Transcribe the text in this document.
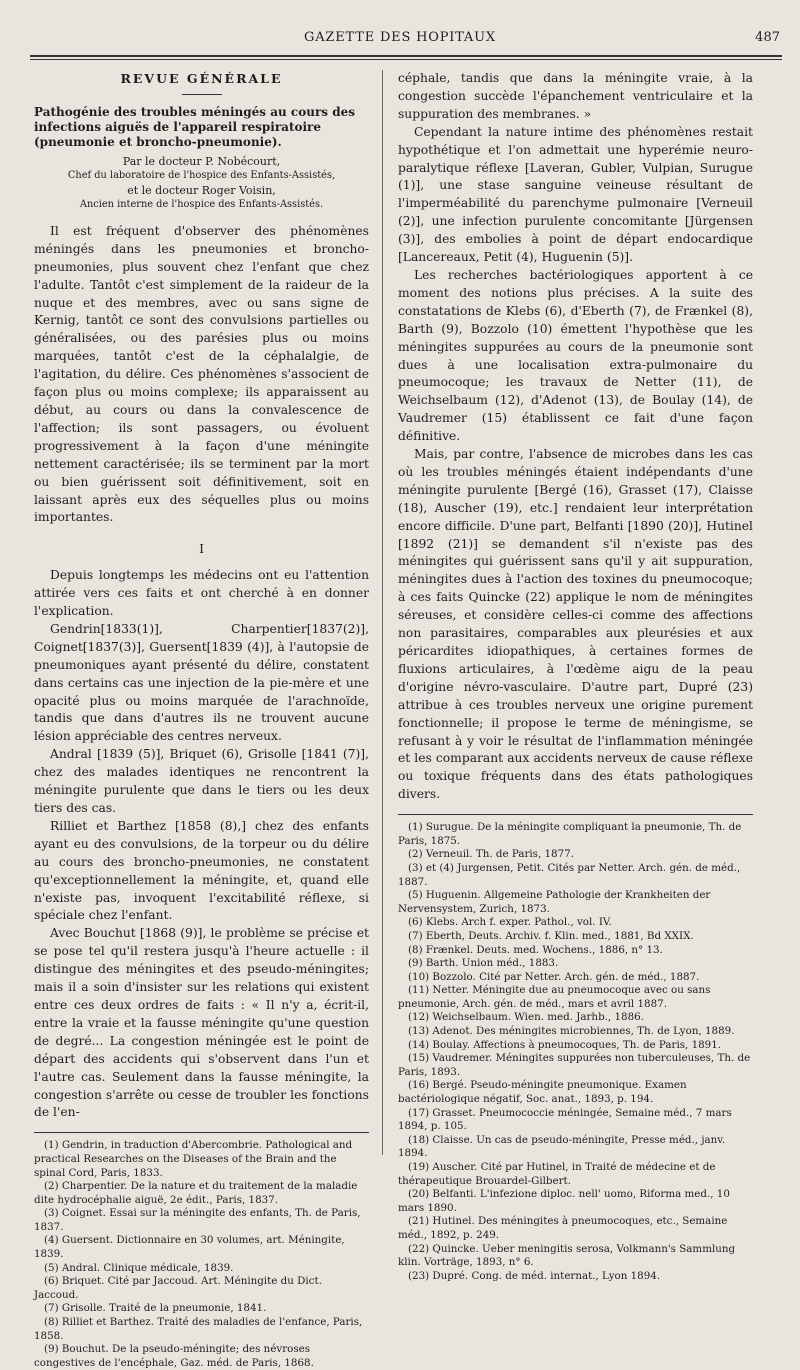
GAZETTE DES HOPITAUX	487
REVUE GÉNÉRALE
Pathogénie des troubles méningés au cours des infections aiguës de l'appareil respiratoire (pneumonie et broncho-pneumonie).
Par le docteur P. Nobécourt,
Chef du laboratoire de l'hospice des Enfants-Assistés,
et le docteur Roger Voisin,
Ancien interne de l'hospice des Enfants-Assistés.

Il est fréquent d'observer des phénomènes méningés dans les pneumonies et broncho-pneumonies, plus souvent chez l'enfant que chez l'adulte. Tantôt c'est simplement de la raideur de la nuque et des membres, avec ou sans signe de Kernig, tantôt ce sont des convulsions partielles ou généralisées, ou des parésies plus ou moins marquées, tantôt c'est de la céphalalgie, de l'agitation, du délire. Ces phénomènes s'associent de façon plus ou moins complexe; ils apparaissent au début, au cours ou dans la convalescence de l'affection; ils sont passagers, ou évoluent progressivement à la façon d'une méningite nettement caractérisée; ils se terminent par la mort ou bien guérissent soit définitivement, soit en laissant après eux des séquelles plus ou moins importantes.

I

Depuis longtemps les médecins ont eu l'attention attirée vers ces faits et ont cherché à en donner l'explication.

Gendrin[1833(1)], Charpentier[1837(2)], Coignet[1837(3)], Guersent[1839 (4)], à l'autopsie de pneumoniques ayant présenté du délire, constatent dans certains cas une injection de la pie-mère et une opacité plus ou moins marquée de l'arachnoïde, tandis que dans d'autres ils ne trouvent aucune lésion appréciable des centres nerveux.

Andral [1839 (5)], Briquet (6), Grisolle [1841 (7)], chez des malades identiques ne rencontrent la méningite purulente que dans le tiers ou les deux tiers des cas.

Rilliet et Barthez [1858 (8),] chez des enfants ayant eu des convulsions, de la torpeur ou du délire au cours des broncho-pneumonies, ne constatent qu'exceptionnellement la méningite, et, quand elle n'existe pas, invoquent l'excitabilité réflexe, si spéciale chez l'enfant.

Avec Bouchut [1868 (9)], le problème se précise et se pose tel qu'il restera jusqu'à l'heure actuelle : il distingue des méningites et des pseudo-méningites; mais il a soin d'insister sur les relations qui existent entre ces deux ordres de faits : « Il n'y a, écrit-il, entre la vraie et la fausse méningite qu'une question de degré... La congestion méningée est le point de départ des accidents qui s'observent dans l'un et l'autre cas. Seulement dans la fausse méningite, la congestion s'arrête ou cesse de troubler les fonctions de l'en-

(1) Gendrin, in traduction d'Abercombrie. Pathological and practical Researches on the Diseases of the Brain and the spinal Cord, Paris, 1833.
(2) Charpentier. De la nature et du traitement de la maladie dite hydrocéphalie aiguë, 2e édit., Paris, 1837.
(3) Coignet. Essai sur la méningite des enfants, Th. de Paris, 1837.
(4) Guersent. Dictionnaire en 30 volumes, art. Méningite, 1839.
(5) Andral. Clinique médicale, 1839.
(6) Briquet. Cité par Jaccoud. Art. Méningite du Dict. Jaccoud.
(7) Grisolle. Traité de la pneumonie, 1841.
(8) Rilliet et Barthez. Traité des maladies de l'enfance, Paris, 1858.
(9) Bouchut. De la pseudo-méningite; des névroses congestives de l'encéphale, Gaz. méd. de Paris, 1868.

céphale, tandis que dans la méningite vraie, à la congestion succède l'épanchement ventriculaire et la suppuration des membranes. »

Cependant la nature intime des phénomènes restait hypothétique et l'on admettait une hyperémie neuro-paralytique réflexe [Laveran, Gubler, Vulpian, Surugue (1)], une stase sanguine veineuse résultant de l'imperméabilité du parenchyme pulmonaire [Verneuil (2)], une infection purulente concomitante [Jürgensen (3)], des embolies à point de départ endocardique [Lancereaux, Petit (4), Huguenin (5)].

Les recherches bactériologiques apportent à ce moment des notions plus précises. A la suite des constatations de Klebs (6), d'Eberth (7), de Frænkel (8), Barth (9), Bozzolo (10) émettent l'hypothèse que les méningites suppurées au cours de la pneumonie sont dues à une localisation extra-pulmonaire du pneumocoque; les travaux de Netter (11), de Weichselbaum (12), d'Adenot (13), de Boulay (14), de Vaudremer (15) établissent ce fait d'une façon définitive.

Mais, par contre, l'absence de microbes dans les cas où les troubles méningés étaient indépendants d'une méningite purulente [Bergé (16), Grasset (17), Claisse (18), Auscher (19), etc.] rendaient leur interprétation encore difficile. D'une part, Belfanti [1890 (20)], Hutinel [1892 (21)] se demandent s'il n'existe pas des méningites qui guérissent sans qu'il y ait suppuration, méningites dues à l'action des toxines du pneumocoque; à ces faits Quincke (22) applique le nom de méningites séreuses, et considère celles-ci comme des affections non parasitaires, comparables aux pleurésies et aux péricardites idiopathiques, à certaines formes de fluxions articulaires, à l'œdème aigu de la peau d'origine névro-vasculaire. D'autre part, Dupré (23) attribue à ces troubles nerveux une origine purement fonctionnelle; il propose le terme de méningisme, se refusant à y voir le résultat de l'inflammation méningée et les comparant aux accidents nerveux de cause réflexe ou toxique fréquents dans des états pathologiques divers.

(1) Surugue. De la méningite compliquant la pneumonie, Th. de Paris, 1875.
(2) Verneuil. Th. de Paris, 1877.
(3) et (4) Jurgensen, Petit. Cités par Netter. Arch. gén. de méd., 1887.
(5) Huguenin. Allgemeine Pathologie der Krankheiten der Nervensystem, Zurich, 1873.
(6) Klebs. Arch f. exper. Pathol., vol. IV.
(7) Eberth, Deuts. Archiv. f. Klin. med., 1881, Bd XXIX.
(8) Frænkel. Deuts. med. Wochens., 1886, n° 13.
(9) Barth. Union méd., 1883.
(10) Bozzolo. Cité par Netter. Arch. gén. de méd., 1887.
(11) Netter. Méningite due au pneumocoque avec ou sans pneumonie, Arch. gén. de méd., mars et avril 1887.
(12) Weichselbaum. Wien. med. Jarhb., 1886.
(13) Adenot. Des méningites microbiennes, Th. de Lyon, 1889.
(14) Boulay. Affections à pneumocoques, Th. de Paris, 1891.
(15) Vaudremer. Méningites suppurées non tuberculeuses, Th. de Paris, 1893.
(16) Bergé. Pseudo-méningite pneumonique. Examen bactériologique négatif, Soc. anat., 1893, p. 194.
(17) Grasset. Pneumococcie méningée, Semaine méd., 7 mars 1894, p. 105.
(18) Claisse. Un cas de pseudo-méningite, Presse méd., janv. 1894.
(19) Auscher. Cité par Hutinel, in Traité de médecine et de thérapeutique Brouardel-Gilbert.
(20) Belfanti. L'infezione diploc. nell' uomo, Riforma med., 10 mars 1890.
(21) Hutinel. Des méningites à pneumocoques, etc., Semaine méd., 1892, p. 249.
(22) Quincke. Ueber meningitis serosa, Volkmann's Sammlung klin. Vorträge, 1893, n° 6.
(23) Dupré. Cong. de méd. internat., Lyon 1894.
